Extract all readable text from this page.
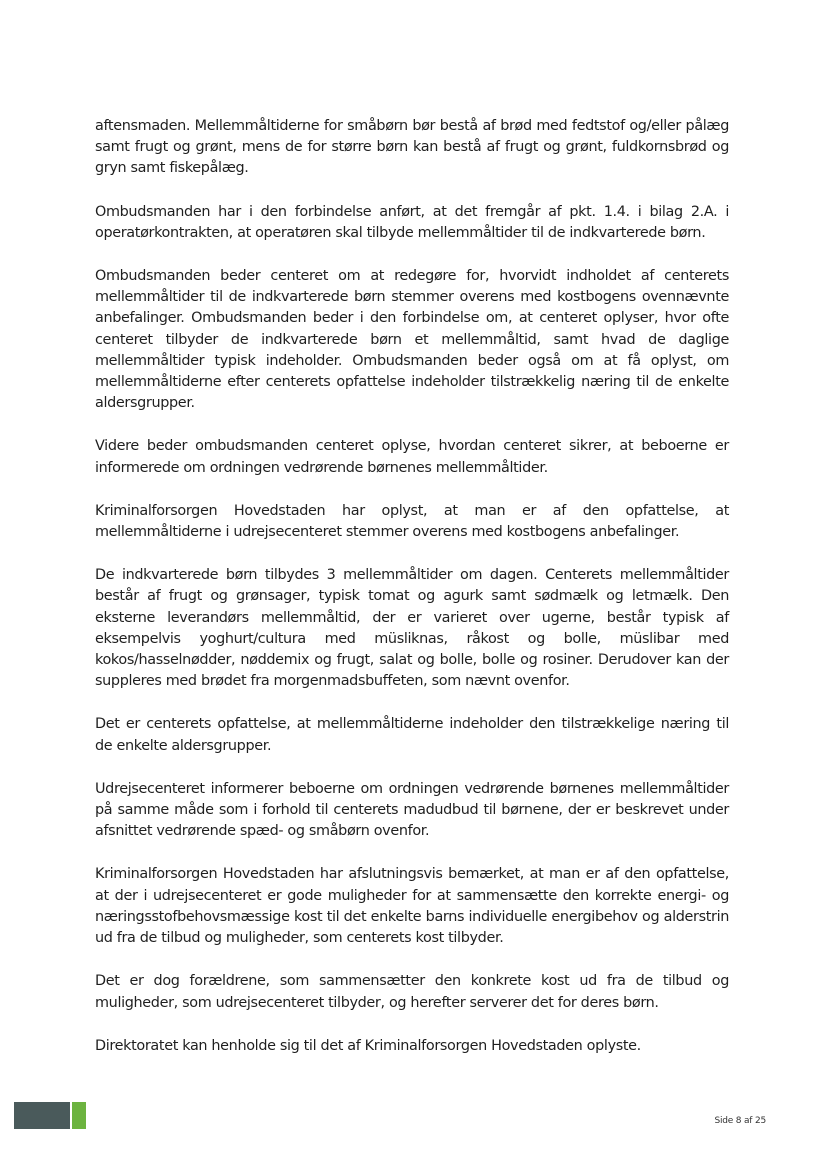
aftensmaden. Mellemmåltiderne for småbørn bør bestå af brød med fedtstof og/eller pålæg samt frugt og grønt, mens de for større børn kan bestå af frugt og grønt, fuldkornsbrød og gryn samt fiskepålæg.

Ombudsmanden har i den forbindelse anført, at det fremgår af pkt. 1.4. i bilag 2.A. i operatørkontrakten, at operatøren skal tilbyde mellemmåltider til de indkvarterede børn.

Ombudsmanden beder centeret om at redegøre for, hvorvidt indholdet af centerets mellemmåltider til de indkvarterede børn stemmer overens med kostbogens ovennævnte anbefalinger. Ombudsmanden beder i den forbindelse om, at centeret oplyser, hvor ofte centeret tilbyder de indkvarterede børn et mellemmåltid, samt hvad de daglige mellemmåltider typisk indeholder. Ombudsmanden beder også om at få oplyst, om mellemmåltiderne efter centerets opfattelse indeholder tilstrækkelig næring til de enkelte aldersgrupper.

Videre beder ombudsmanden centeret oplyse, hvordan centeret sikrer, at beboerne er informerede om ordningen vedrørende børnenes mellemmåltider.

Kriminalforsorgen Hovedstaden har oplyst, at man er af den opfattelse, at mellemmåltiderne i udrejsecenteret stemmer overens med kostbogens anbefalinger.

De indkvarterede børn tilbydes 3 mellemmåltider om dagen. Centerets mellemmåltider består af frugt og grønsager, typisk tomat og agurk samt sødmælk og letmælk. Den eksterne leverandørs mellemmåltid, der er varieret over ugerne, består typisk af eksempelvis yoghurt/cultura med müsliknas, råkost og bolle, müslibar med kokos/hasselnødder, nøddemix og frugt, salat og bolle, bolle og rosiner. Derudover kan der suppleres med brødet fra morgenmadsbuffeten, som nævnt ovenfor.

Det er centerets opfattelse, at mellemmåltiderne indeholder den tilstrækkelige næring til de enkelte aldersgrupper.

Udrejsecenteret informerer beboerne om ordningen vedrørende børnenes mellemmåltider på samme måde som i forhold til centerets madudbud til børnene, der er beskrevet under afsnittet vedrørende spæd- og småbørn ovenfor.

Kriminalforsorgen Hovedstaden har afslutningsvis bemærket, at man er af den opfattelse, at der i udrejsecenteret er gode muligheder for at sammensætte den korrekte energi- og næringsstofbehovsmæssige kost til det enkelte barns individuelle energibehov og alderstrin ud fra de tilbud og muligheder, som centerets kost tilbyder.

Det er dog forældrene, som sammensætter den konkrete kost ud fra de tilbud og muligheder, som udrejsecenteret tilbyder, og herefter serverer det for deres børn.

Direktoratet kan henholde sig til det af Kriminalforsorgen Hovedstaden oplyste.

Side 8 af 25
